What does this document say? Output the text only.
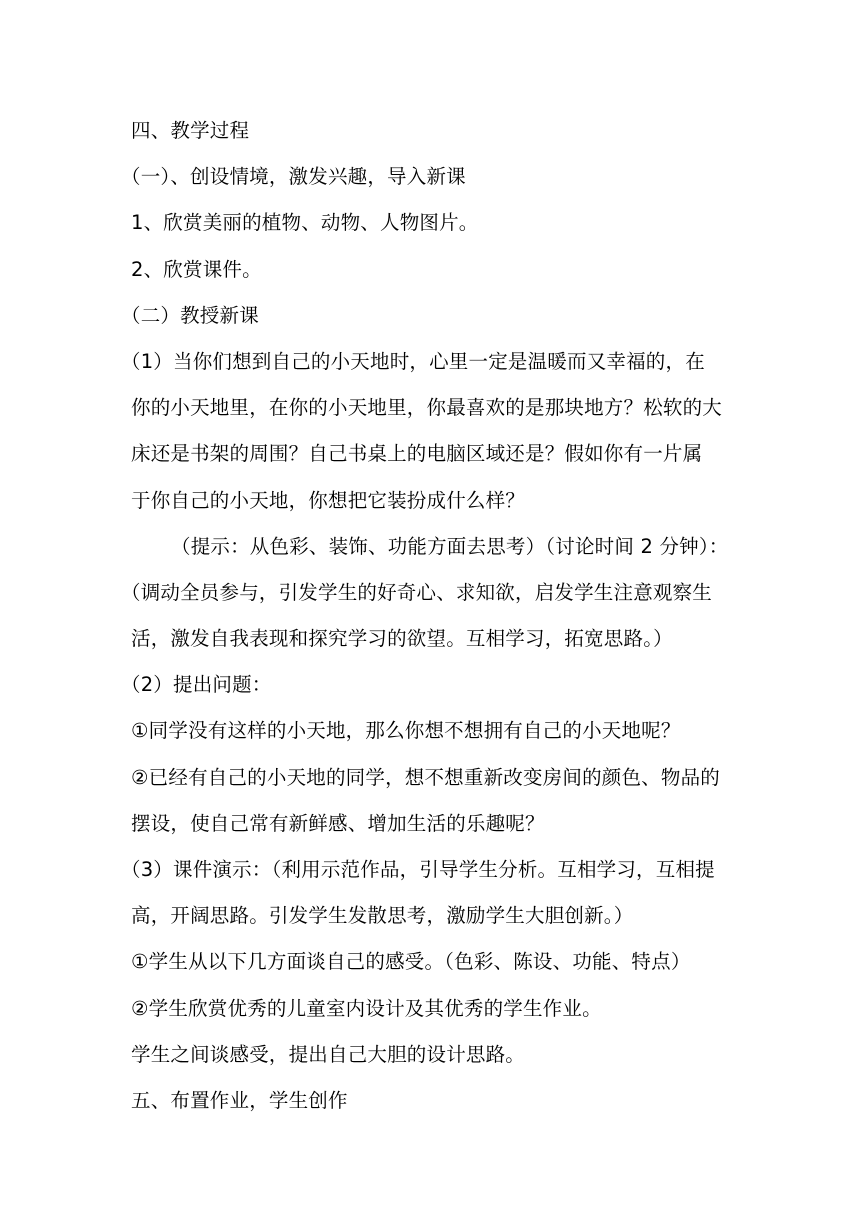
四、教学过程
（一）、创设情境，激发兴趣，导入新课
1、欣赏美丽的植物、动物、人物图片。
2、欣赏课件。
（二）教授新课
（1）当你们想到自己的小天地时，心里一定是温暖而又幸福的，在
你的小天地里，在你的小天地里，你最喜欢的是那块地方？松软的大
床还是书架的周围？自己书桌上的电脑区域还是？假如你有一片属
于你自己的小天地，你想把它装扮成什么样？
（提示：从色彩、装饰、功能方面去思考）（讨论时间 2 分钟）：
（调动全员参与，引发学生的好奇心、求知欲，启发学生注意观察生
活，激发自我表现和探究学习的欲望。互相学习，拓宽思路。）
（2）提出问题：
①同学没有这样的小天地，那么你想不想拥有自己的小天地呢？
②已经有自己的小天地的同学，想不想重新改变房间的颜色、物品的
摆设，使自己常有新鲜感、增加生活的乐趣呢？
（3）课件演示：（利用示范作品，引导学生分析。互相学习，互相提
高，开阔思路。引发学生发散思考，激励学生大胆创新。）
①学生从以下几方面谈自己的感受。（色彩、陈设、功能、特点）
②学生欣赏优秀的儿童室内设计及其优秀的学生作业。
学生之间谈感受，提出自己大胆的设计思路。
五、布置作业，学生创作
